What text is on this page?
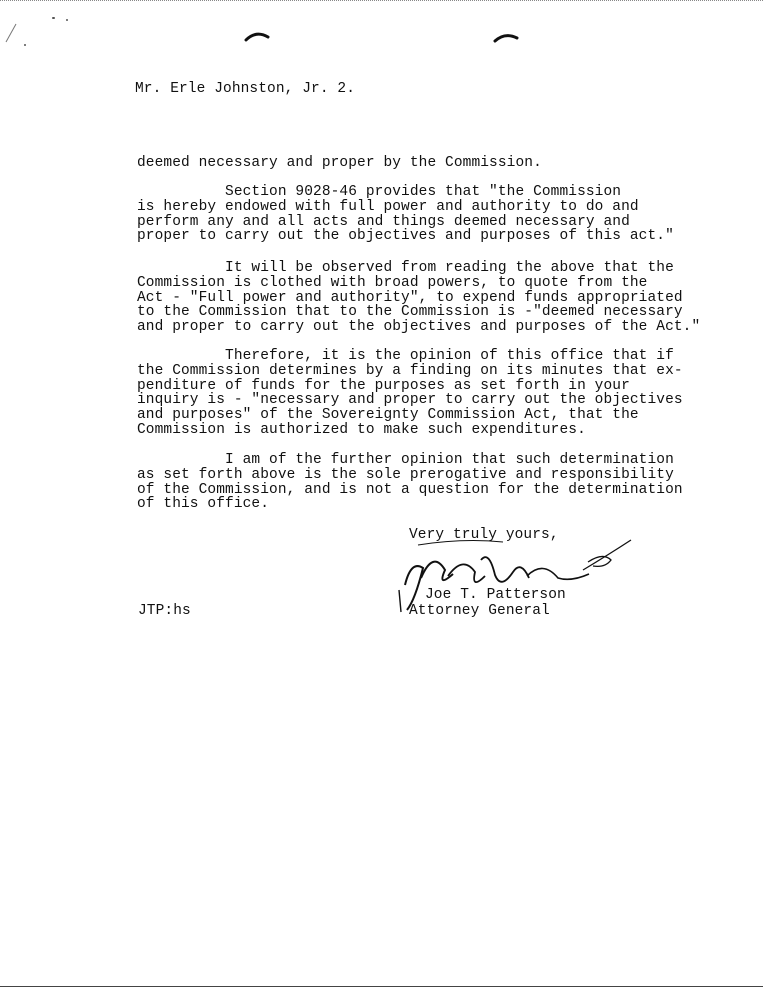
Mr. Erle Johnston, Jr. 2.
deemed necessary and proper by the Commission.
Section 9028-46 provides that "the Commission
is hereby endowed with full power and authority to do and
perform any and all acts and things deemed necessary and
proper to carry out the objectives and purposes of this act."
It will be observed from reading the above that the
Commission is clothed with broad powers, to quote from the
Act - "Full power and authority", to expend funds appropriated
to the Commission that to the Commission is -"deemed necessary
and proper to carry out the objectives and purposes of the Act."
Therefore, it is the opinion of this office that if
the Commission determines by a finding on its minutes that ex-
penditure of funds for the purposes as set forth in your
inquiry is - "necessary and proper to carry out the objectives
and purposes" of the Sovereignty Commission Act, that the
Commission is authorized to make such expenditures.
I am of the further opinion that such determination
as set forth above is the sole prerogative and responsibility
of the Commission, and is not a question for the determination
of this office.
Very truly yours,
Joe T. Patterson
Attorney General
JTP:hs
